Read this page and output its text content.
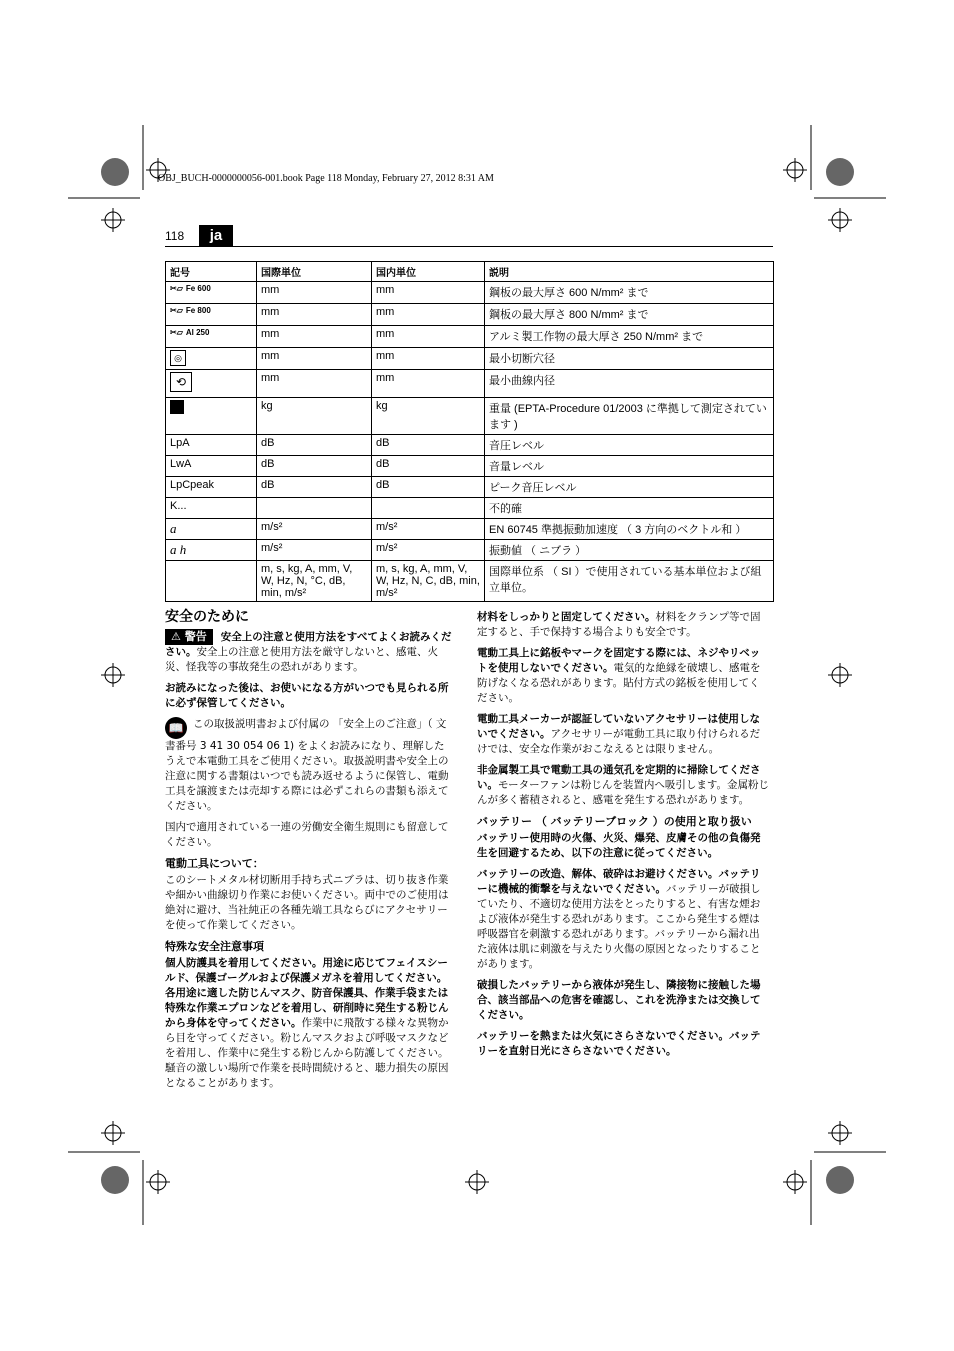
OBJ_BUCH-0000000056-001.book Page 118 Monday, February 27, 2012 8:31 AM
118	ja
記号	国際単位	国内単位	説明

✂▱ Fe 600	mm	mm	鋼板の最大厚さ 600 N/mm² まで

✂▱ Fe 800	mm	mm	鋼板の最大厚さ 800 N/mm² まで

✂▱ Al 250	mm	mm	アルミ製工作物の最大厚さ 250 N/mm² まで
◎	mm	mm	最小切断穴径
⟲	mm	mm	最小曲線内径
	kg	kg	重量 (EPTA-Procedure 01/2003 に準拠して測定されています )
LpA	dB	dB	音圧レベル
LwA	dB	dB	音量レベル
LpCpeak	dB	dB	ピーク音圧レベル
K...			不的確
a	m/s²	m/s²	EN 60745 準拠振動加速度 （ 3 方向のベクトル和 ）
a h	m/s²	m/s²	振動値 （ ニブラ ）
	m, s, kg, A, mm, V, W, Hz, N, °C, dB, min, m/s²	m, s, kg, A, mm, V, W, Hz, N, C, dB, min, m/s²	国際単位系 （ SI ）で使用されている基本単位および組立単位。
安全のために

⚠ 警告 安全上の注意と使用方法をすべてよくお読みください。安全上の注意と使用方法を厳守しないと、感電、火災、怪我等の事故発生の恐れがあります。

お読みになった後は、お使いになる方がいつでも見られる所に必ず保管してください。

📖 この取扱説明書および付属の 「安全上のご注意」（ 文書番号 3 41 30 054 06 1) をよくお読みになり、理解したうえで本電動工具をご使用ください。取扱説明書や安全上の注意に関する書類はいつでも読み返せるように保管し、電動工具を譲渡または売却する際には必ずこれらの書類も添えてください。

国内で適用されている一連の労働安全衛生規則にも留意してください。

電動工具について：

このシートメタル材切断用手持ち式ニブラは、切り抜き作業や細かい曲線切り作業にお使いください。両中でのご使用は絶対に避け、当社純正の各種先端工具ならびにアクセサリーを使って作業してください。

特殊な安全注意事項

個人防護具を着用してください。用途に応じてフェイスシールド、保護ゴーグルおよび保護メガネを着用してください。各用途に適した防じんマスク、防音保護具、作業手袋または特殊な作業エプロンなどを着用し、研削時に発生する粉じんから身体を守ってください。作業中に飛散する様々な異物から目を守ってください。粉じんマスクおよび呼吸マスクなどを着用し、作業中に発生する粉じんから防護してください。騒音の激しい場所で作業を長時間続けると、聴力損失の原因となることがあります。

材料をしっかりと固定してください。材料をクランプ等で固定すると、手で保持する場合よりも安全です。

電動工具上に銘板やマークを固定する際には、ネジやリベットを使用しないでください。電気的な絶縁を破壊し、感電を防げなくなる恐れがあります。貼付方式の銘板を使用してください。

電動工具メーカーが認証していないアクセサリーは使用しないでください。アクセサリーが電動工具に取り付けられるだけでは、安全な作業がおこなえるとは限りません。

非金属製工具で電動工具の通気孔を定期的に掃除してください。モーターファンは粉じんを装置内へ吸引します。金属粉じんが多く蓄積されると、感電を発生する恐れがあります。

バッテリー （ バッテリーブロック ）の使用と取り扱い

バッテリー使用時の火傷、火災、爆発、皮膚その他の負傷発生を回避するため、以下の注意に従ってください。

バッテリーの改造、解体、破砕はお避けください。バッテリーに機械的衝撃を与えないでください。バッテリーが破損していたり、不適切な使用方法をとったりすると、有害な煙および液体が発生する恐れがあります。ここから発生する煙は呼吸器官を刺激する恐れがあります。バッテリーから漏れ出た液体は肌に刺激を与えたり火傷の原因となったりすることがあります。

破損したバッテリーから液体が発生し、隣接物に接触した場合、該当部品への危害を確認し、これを洗浄または交換してください。

バッテリーを熱または火気にさらさないでください。バッテリーを直射日光にさらさないでください。
